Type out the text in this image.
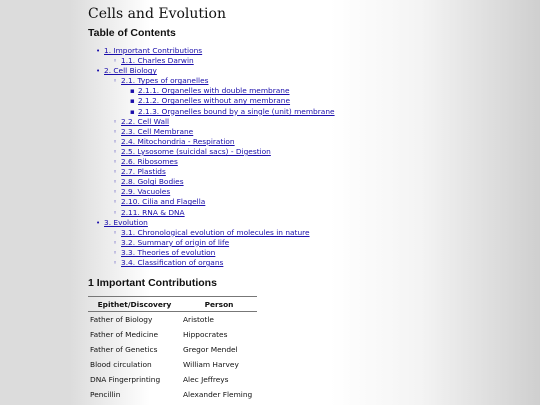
Cells and Evolution
Table of Contents
• 1. Important Contributions
◦ 1.1. Charles Darwin
• 2. Cell Biology
◦ 2.1. Types of organelles
▪ 2.1.1. Organelles with double membrane
▪ 2.1.2. Organelles without any membrane
▪ 2.1.3. Organelles bound by a single (unit) membrane
◦ 2.2. Cell Wall
◦ 2.3. Cell Membrane
◦ 2.4. Mitochondria - Respiration
◦ 2.5. Lysosome (suicidal sacs) - Digestion
◦ 2.6. Ribosomes
◦ 2.7. Plastids
◦ 2.8. Golgi Bodies
◦ 2.9. Vacuoles
◦ 2.10. Cilia and Flagella
◦ 2.11. RNA & DNA
• 3. Evolution
◦ 3.1. Chronological evolution of molecules in nature
◦ 3.2. Summary of origin of life
◦ 3.3. Theories of evolution
◦ 3.4. Classification of organs
1 Important Contributions
Epithet/Discovery	Person
Father of Biology	Aristotle
Father of Medicine	Hippocrates
Father of Genetics	Gregor Mendel
Blood circulation	William Harvey
DNA Fingerprinting	Alec Jeffreys
Pencillin	Alexander Fleming
